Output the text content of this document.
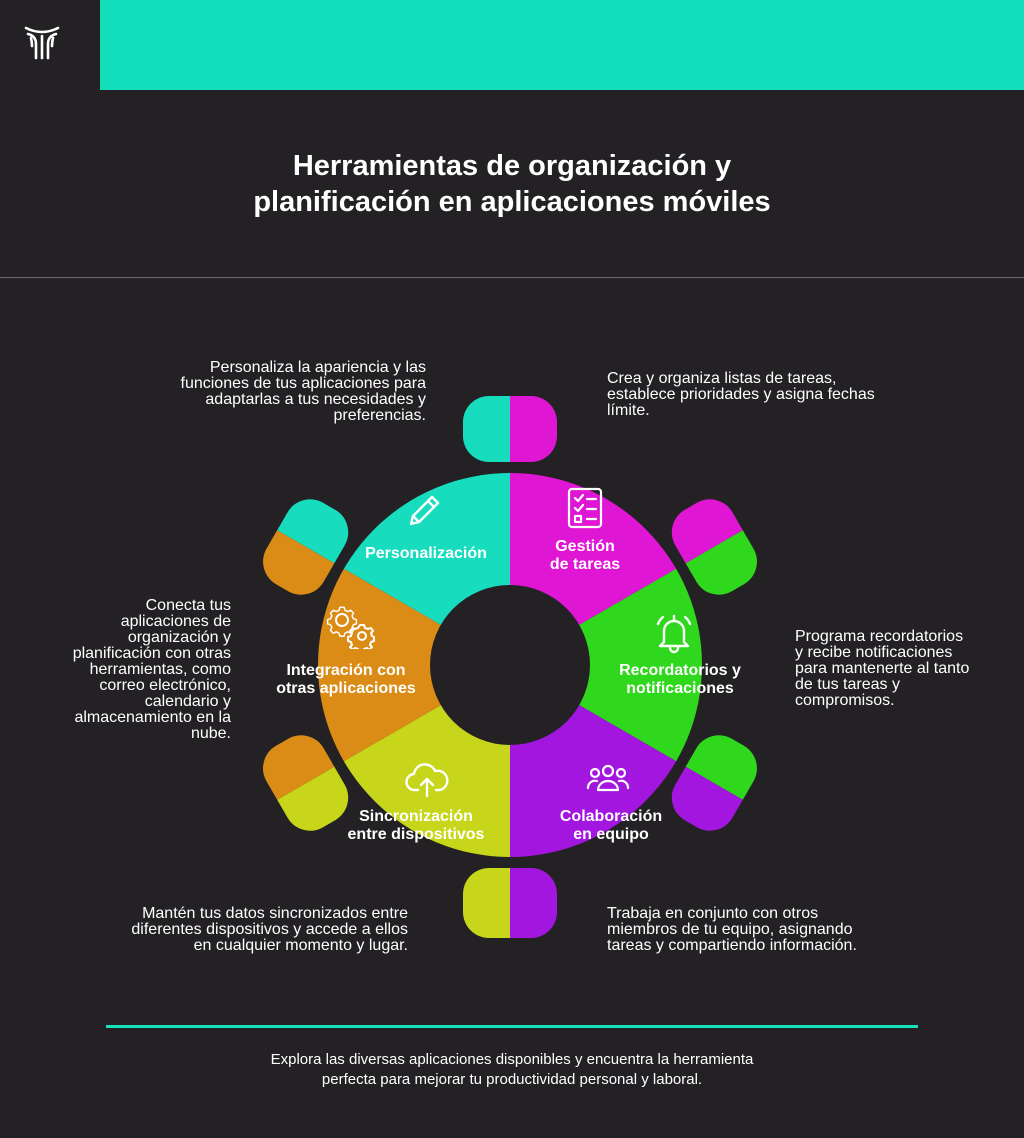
Herramientas de organización y
planificación en aplicaciones móviles
Personalización	Gestión
de tareas
Recordatorios y
notificaciones
Colaboración
en equipo
Sincronización
entre dispositivos
Integración con
otras aplicaciones
Personaliza la apariencia y las
funciones de tus aplicaciones para
adaptarlas a tus necesidades y
preferencias.
Crea y organiza listas de tareas,
establece prioridades y asigna fechas
límite.
Programa recordatorios
y recibe notificaciones
para mantenerte al tanto
de tus tareas y
compromisos.
Trabaja en conjunto con otros
miembros de tu equipo, asignando
tareas y compartiendo información.
Mantén tus datos sincronizados entre
diferentes dispositivos y accede a ellos
en cualquier momento y lugar.
Conecta tus
aplicaciones de
organización y
planificación con otras
herramientas, como
correo electrónico,
calendario y
almacenamiento en la
nube.

Explora las diversas aplicaciones disponibles y encuentra la herramienta
perfecta para mejorar tu productividad personal y laboral.
